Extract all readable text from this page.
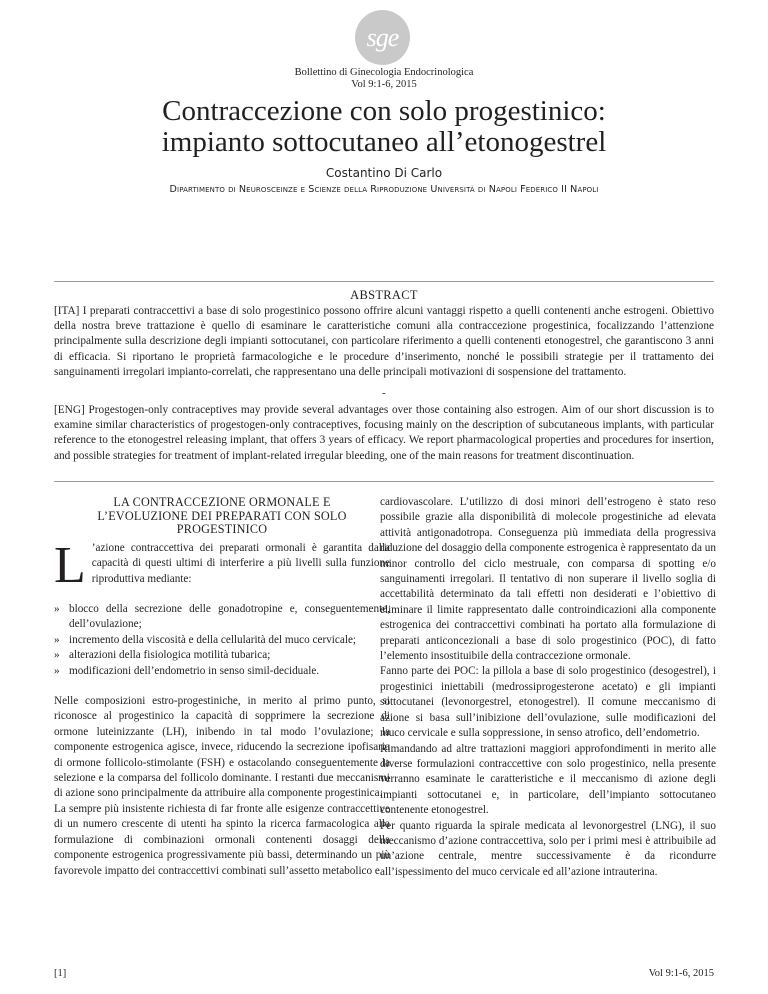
sge
Bollettino di Ginecologia Endocrinologica
Vol 9:1-6, 2015
Contraccezione con solo progestinico:
impianto sottocutaneo all’etonogestrel
Costantino Di Carlo
Dipartimento di Neurosceinze e Scienze della Riproduzione Università di Napoli Federico II Napoli
ABSTRACT
[ITA] I preparati contraccettivi a base di solo progestinico possono offrire alcuni vantaggi rispetto a quelli contenenti anche estrogeni. Obiettivo della nostra breve trattazione è quello di esaminare le caratteristiche comuni alla contraccezione progestinica, focalizzando l’attenzione principalmente sulla descrizione degli impianti sottocutanei, con particolare riferimento a quelli contenenti etonogestrel, che garantiscono 3 anni di efficacia. Si riportano le proprietà farmacologiche e le procedure d’inserimento, nonché le possibili strategie per il trattamento dei sanguinamenti irregolari impianto-correlati, che rappresentano una delle principali motivazioni di sospensione del trattamento.
-
[ENG] Progestogen-only contraceptives may provide several advantages over those containing also estrogen. Aim of our short discussion is to examine similar characteristics of progestogen-only contraceptives, focusing mainly on the description of subcutaneous implants, with particular reference to the etonogestrel releasing implant, that offers 3 years of efficacy. We report pharmacological properties and procedures for insertion, and possible strategies for treatment of implant-related irregular bleeding, one of the main reasons for treatment discontinuation.
LA CONTRACCEZIONE ORMONALE E L’EVOLUZIONE DEI PREPARATI CON SOLO PROGESTINICO
L ’azione contraccettiva dei preparati ormonali è garantita dalla capacità di questi ultimi di interferire a più livelli sulla funzione riproduttiva mediante:
» blocco della secrezione delle gonadotropine e, conseguentemente, dell’ovulazione;
» incremento della viscosità e della cellularità del muco cervicale;
» alterazioni della fisiologica motilità tubarica;
» modificazioni dell’endometrio in senso simil-deciduale.

Nelle composizioni estro-progestiniche, in merito al primo punto, si riconosce al progestinico la capacità di sopprimere la secrezione di ormone luteinizzante (LH), inibendo in tal modo l’ovulazione; la componente estrogenica agisce, invece, riducendo la secrezione ipofisaria di ormone follicolo-stimolante (FSH) e ostacolando conseguentemente la selezione e la comparsa del follicolo dominante. I restanti due meccanismi di azione sono principalmente da attribuire alla componente progestinica.

La sempre più insistente richiesta di far fronte alle esigenze contraccettive di un numero crescente di utenti ha spinto la ricerca farmacologica alla formulazione di combinazioni ormonali contenenti dosaggi della componente estrogenica progressivamente più bassi, determinando un più favorevole impatto dei contraccettivi combinati sull’assetto metabolico e

cardiovascolare. L’utilizzo di dosi minori dell’estrogeno è stato reso possibile grazie alla disponibilità di molecole progestiniche ad elevata attività antigonadotropa. Conseguenza più immediata della progressiva riduzione del dosaggio della componente estrogenica è rappresentato da un minor controllo del ciclo mestruale, con comparsa di spotting e/o sanguinamenti irregolari. Il tentativo di non superare il livello soglia di accettabilità determinato da tali effetti non desiderati e l’obiettivo di eliminare il limite rappresentato dalle controindicazioni alla componente estrogenica dei contraccettivi combinati ha portato alla formulazione di preparati anticoncezionali a base di solo progestinico (POC), di fatto l’elemento insostituibile della contraccezione ormonale.

Fanno parte dei POC: la pillola a base di solo progestinico (desogestrel), i progestinici iniettabili (medrossiprogesterone acetato) e gli impianti sottocutanei (levonorgestrel, etonogestrel). Il comune meccanismo di azione si basa sull’inibizione dell’ovulazione, sulle modificazioni del muco cervicale e sulla soppressione, in senso atrofico, dell’endometrio.

Rimandando ad altre trattazioni maggiori approfondimenti in merito alle diverse formulazioni contraccettive con solo progestinico, nella presente verranno esaminate le caratteristiche e il meccanismo di azione degli impianti sottocutanei e, in particolare, dell’impianto sottocutaneo contenente etonogestrel.

Per quanto riguarda la spirale medicata al levonorgestrel (LNG), il suo meccanismo d’azione contraccettiva, solo per i primi mesi è attribuibile ad un’azione centrale, mentre successivamente è da ricondurre all’ispessimento del muco cervicale ed all’azione intrauterina.

[1]	Vol 9:1-6, 2015
